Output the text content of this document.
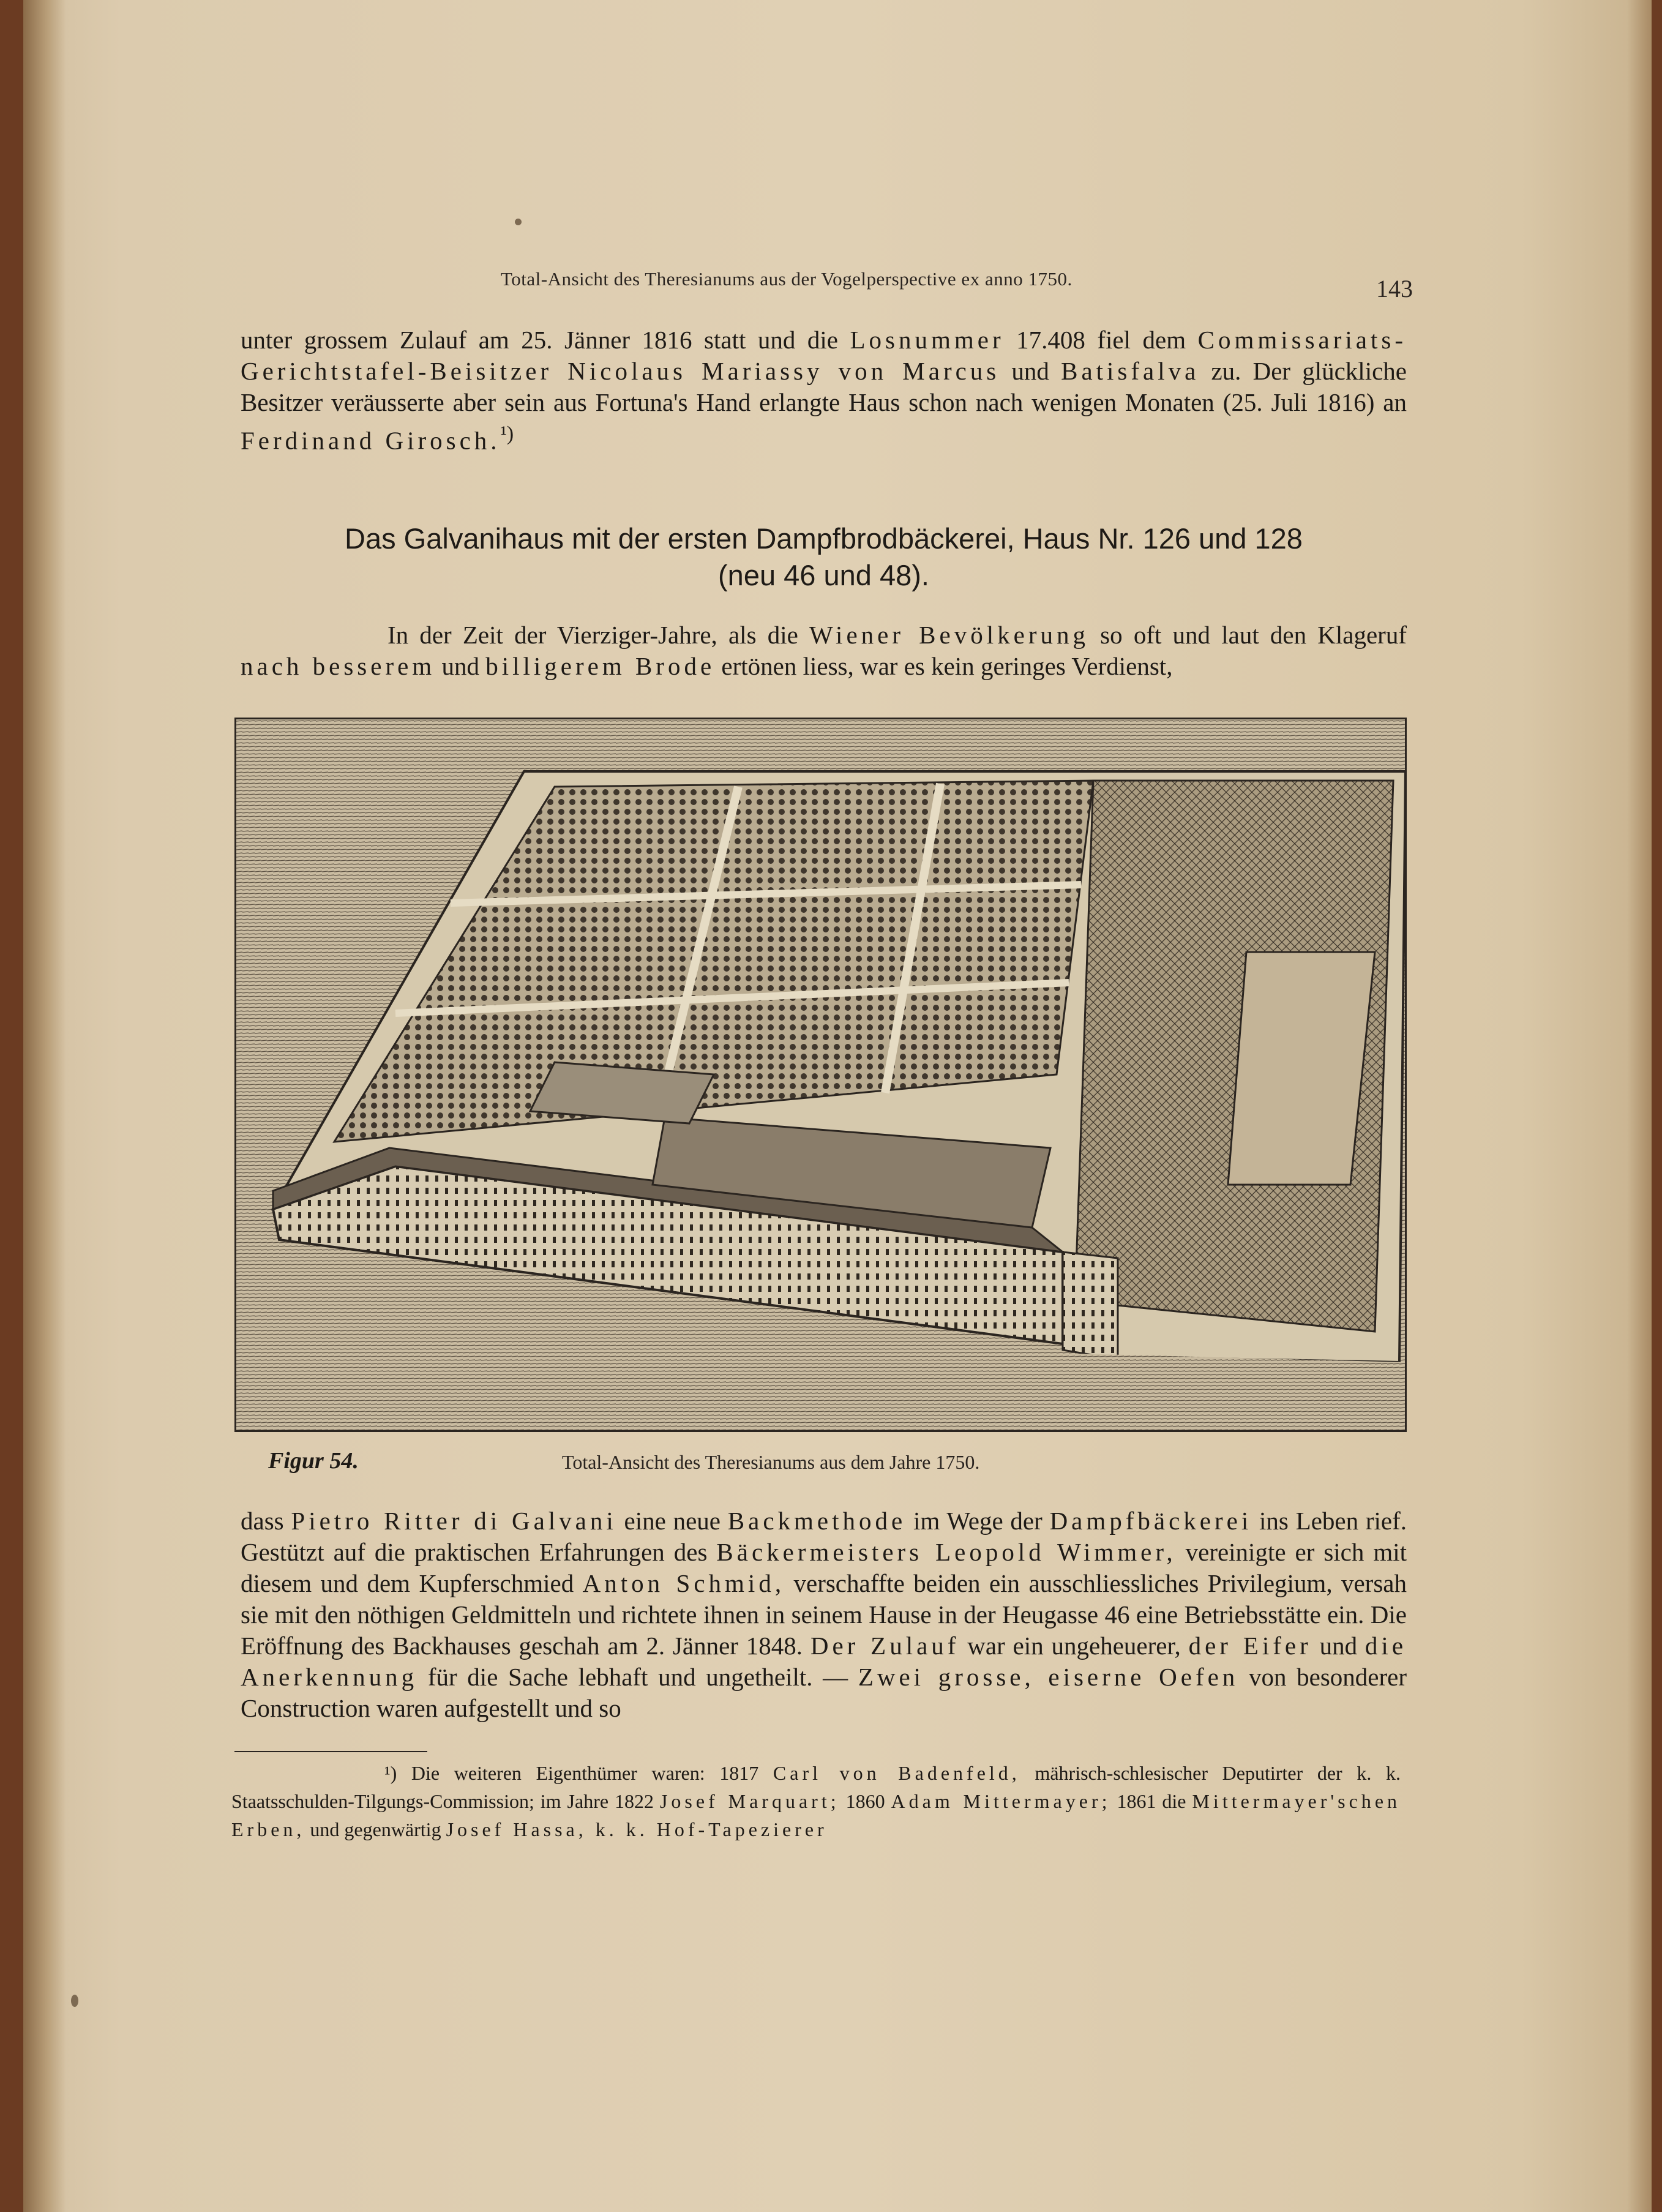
Total-Ansicht des Theresianums aus der Vogelperspective ex anno 1750.	143

unter grossem Zulauf am 25. Jänner 1816 statt und die Losnummer 17.408 fiel dem Commissariats-Gerichtstafel-Beisitzer Nicolaus Mariassy von Marcus und Batisfalva zu. Der glückliche Besitzer veräusserte aber sein aus Fortuna's Hand erlangte Haus schon nach wenigen Monaten (25. Juli 1816) an Ferdinand Girosch.$^{^1)}$

Das Galvanihaus mit der ersten Dampfbrodbäckerei, Haus Nr. 126 und 128
(neu 46 und 48).

In der Zeit der Vierziger-Jahre, als die Wiener Bevölkerung so oft und laut den Klageruf nach besserem und billigerem Brode ertönen liess, war es kein geringes Verdienst,

Figur 54.	Total-Ansicht des Theresianums aus dem Jahre 1750.

dass Pietro Ritter di Galvani eine neue Backmethode im Wege der Dampfbäckerei ins Leben rief. Gestützt auf die praktischen Erfahrungen des Bäckermeisters Leopold Wimmer, vereinigte er sich mit diesem und dem Kupferschmied Anton Schmid, verschaffte beiden ein ausschliessliches Privilegium, versah sie mit den nöthigen Geldmitteln und richtete ihnen in seinem Hause in der Heugasse 46 eine Betriebsstätte ein. Die Eröffnung des Backhauses geschah am 2. Jänner 1848. Der Zulauf war ein ungeheuerer, der Eifer und die Anerkennung für die Sache lebhaft und ungetheilt. — Zwei grosse, eiserne Oefen von besonderer Construction waren aufgestellt und so

¹) Die weiteren Eigenthümer waren: 1817 Carl von Badenfeld, mährisch-schlesischer Deputirter der k. k. Staatsschulden-Tilgungs-Commission; im Jahre 1822 Josef Marquart; 1860 Adam Mittermayer; 1861 die Mittermayer'schen Erben, und gegenwärtig Josef Hassa, k. k. Hof-Tapezierer
